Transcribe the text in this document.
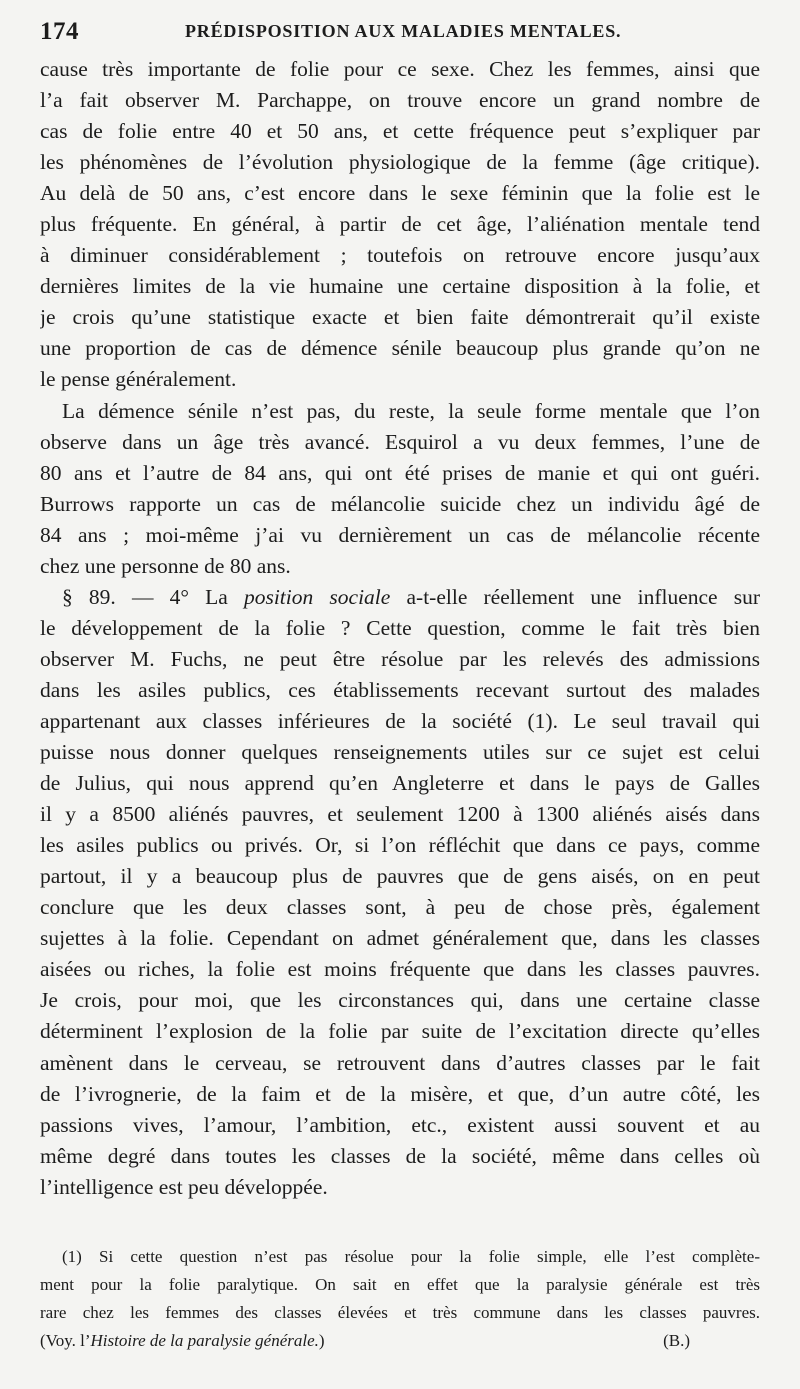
174	PRÉDISPOSITION AUX MALADIES MENTALES.
cause très importante de folie pour ce sexe. Chez les femmes, ainsi que
l’a fait observer M. Parchappe, on trouve encore un grand nombre de
cas de folie entre 40 et 50 ans, et cette fréquence peut s’expliquer par
les phénomènes de l’évolution physiologique de la femme (âge critique).
Au delà de 50 ans, c’est encore dans le sexe féminin que la folie est le
plus fréquente. En général, à partir de cet âge, l’aliénation mentale tend
à diminuer considérablement ; toutefois on retrouve encore jusqu’aux
dernières limites de la vie humaine une certaine disposition à la folie, et
je crois qu’une statistique exacte et bien faite démontrerait qu’il existe
une proportion de cas de démence sénile beaucoup plus grande qu’on ne
le pense généralement.
La démence sénile n’est pas, du reste, la seule forme mentale que l’on
observe dans un âge très avancé. Esquirol a vu deux femmes, l’une de
80 ans et l’autre de 84 ans, qui ont été prises de manie et qui ont guéri.
Burrows rapporte un cas de mélancolie suicide chez un individu âgé de
84 ans ; moi-même j’ai vu dernièrement un cas de mélancolie récente
chez une personne de 80 ans.
§ 89. — 4° La position sociale a-t-elle réellement une influence sur
le développement de la folie ? Cette question, comme le fait très bien
observer M. Fuchs, ne peut être résolue par les relevés des admissions
dans les asiles publics, ces établissements recevant surtout des malades
appartenant aux classes inférieures de la société (1). Le seul travail qui
puisse nous donner quelques renseignements utiles sur ce sujet est celui
de Julius, qui nous apprend qu’en Angleterre et dans le pays de Galles
il y a 8500 aliénés pauvres, et seulement 1200 à 1300 aliénés aisés dans
les asiles publics ou privés. Or, si l’on réfléchit que dans ce pays, comme
partout, il y a beaucoup plus de pauvres que de gens aisés, on en peut
conclure que les deux classes sont, à peu de chose près, également
sujettes à la folie. Cependant on admet généralement que, dans les classes
aisées ou riches, la folie est moins fréquente que dans les classes pauvres.
Je crois, pour moi, que les circonstances qui, dans une certaine classe
déterminent l’explosion de la folie par suite de l’excitation directe qu’elles
amènent dans le cerveau, se retrouvent dans d’autres classes par le fait
de l’ivrognerie, de la faim et de la misère, et que, d’un autre côté, les
passions vives, l’amour, l’ambition, etc., existent aussi souvent et au
même degré dans toutes les classes de la société, même dans celles où
l’intelligence est peu développée.
(1) Si cette question n’est pas résolue pour la folie simple, elle l’est complète-
ment pour la folie paralytique. On sait en effet que la paralysie générale est très
rare chez les femmes des classes élevées et très commune dans les classes pauvres.
(Voy. l’Histoire de la paralysie générale.)	(B.)
